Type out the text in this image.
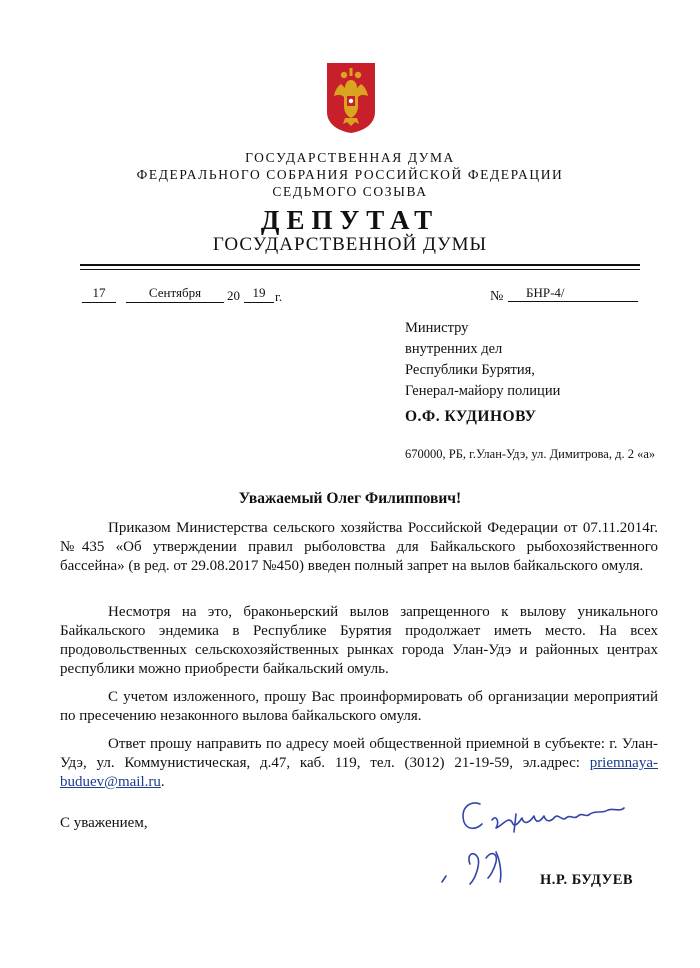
ГОСУДАРСТВЕННАЯ ДУМА
ФЕДЕРАЛЬНОГО СОБРАНИЯ РОССИЙСКОЙ ФЕДЕРАЦИИ
СЕДЬМОГО СОЗЫВА
ДЕПУТАТ
ГОСУДАРСТВЕННОЙ ДУМЫ
17	Сентября	20 19 г.	№	БНР-4/
Министру
внутренних дел
Республики Бурятия,
Генерал-майору полиции
О.Ф. КУДИНОВУ
670000, РБ, г.Улан-Удэ, ул. Димитрова, д. 2 «а»
Уважаемый Олег Филиппович!
Приказом Министерства сельского хозяйства Российской Федерации от 07.11.2014г. №435 «Об утверждении правил рыболовства для Байкальского рыбохозяйственного бассейна» (в ред. от 29.08.2017 №450) введен полный запрет на вылов байкальского омуля.
Несмотря на это, браконьерский вылов запрещенного к вылову уникального Байкальского эндемика в Республике Бурятия продолжает иметь место. На всех продовольственных сельскохозяйственных рынках города Улан-Удэ и районных центрах республики можно приобрести байкальский омуль.
С учетом изложенного, прошу Вас проинформировать об организации мероприятий по пресечению незаконного вылова байкальского омуля.
Ответ прошу направить по адресу моей общественной приемной в субъекте: г. Улан-Удэ, ул. Коммунистическая, д.47, каб. 119, тел. (3012) 21-19-59, эл.адрес: priemnaya-buduev@mail.ru.
С уважением,
Н.Р. БУДУЕВ
